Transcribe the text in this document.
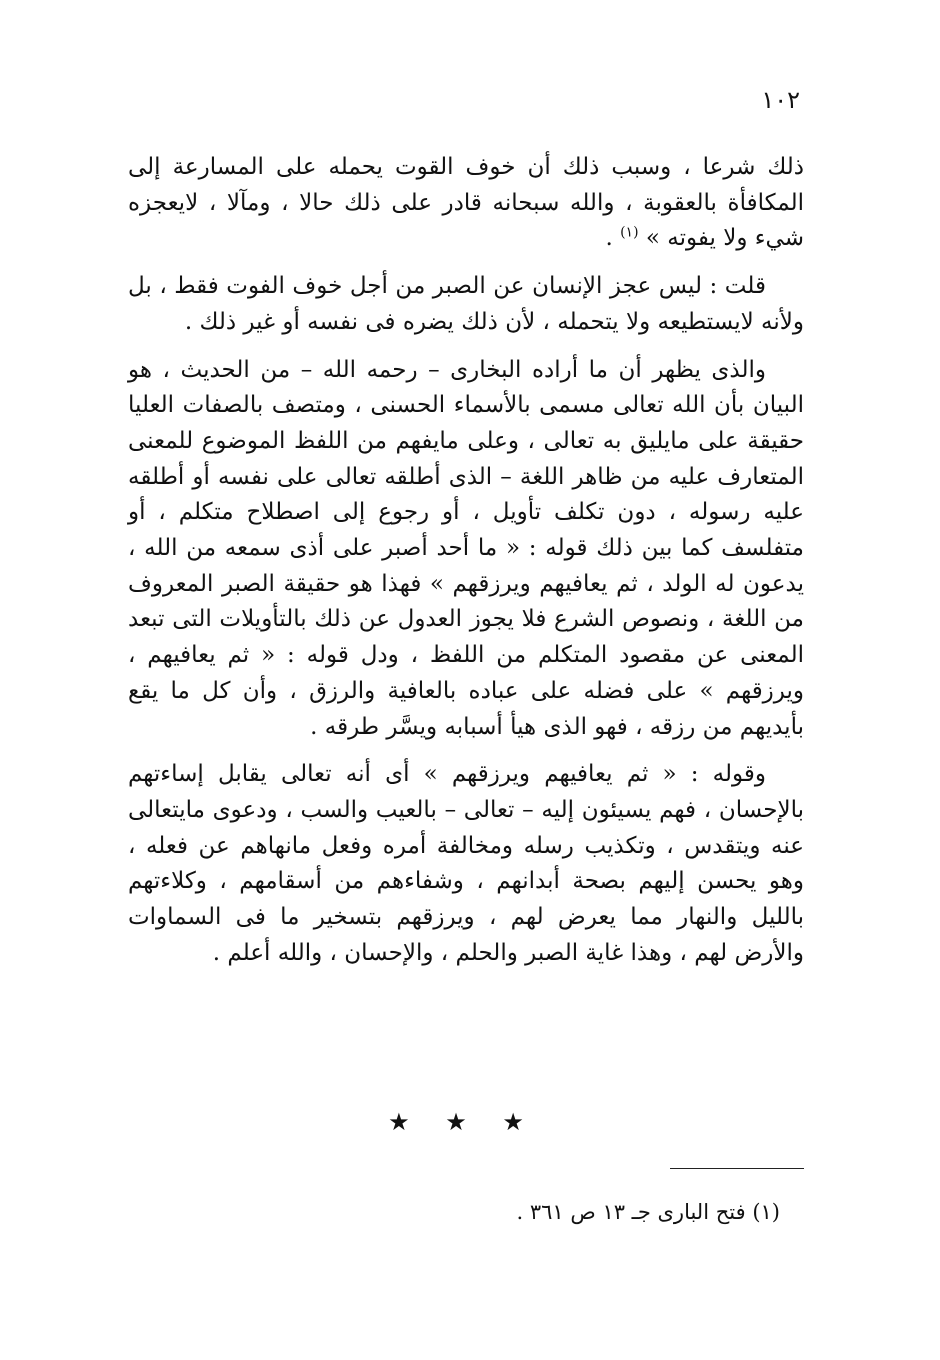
١٠٢

ذلك شرعا ، وسبب ذلك أن خوف القوت يحمله على المسارعة إلى المكافأة بالعقوبة ، والله سبحانه قادر على ذلك حالا ، ومآلا ، لايعجزه شيء ولا يفوته » $^{(١)}$ .

قلت : ليس عجز الإنسان عن الصبر من أجل خوف الفوت فقط ، بل ولأنه لايستطيعه ولا يتحمله ، لأن ذلك يضره فى نفسه أو غير ذلك .

والذى يظهر أن ما أراده البخارى – رحمه الله – من الحديث ، هو البيان بأن الله تعالى مسمى بالأسماء الحسنى ، ومتصف بالصفات العليا حقيقة على مايليق به تعالى ، وعلى مايفهم من اللفظ الموضوع للمعنى المتعارف عليه من ظاهر اللغة – الذى أطلقه تعالى على نفسه أو أطلقه عليه رسوله ، دون تكلف تأويل ، أو رجوع إلى اصطلاح متكلم ، أو متفلسف كما بين ذلك قوله : « ما أحد أصبر على أذى سمعه من الله ، يدعون له الولد ، ثم يعافيهم ويرزقهم » فهذا هو حقيقة الصبر المعروف من اللغة ، ونصوص الشرع فلا يجوز العدول عن ذلك بالتأويلات التى تبعد المعنى عن مقصود المتكلم من اللفظ ، ودل قوله : « ثم يعافيهم ، ويرزقهم » على فضله على عباده بالعافية والرزق ، وأن كل ما يقع بأيديهم من رزقه ، فهو الذى هيأ أسبابه ويسَّر طرقه .

وقوله : « ثم يعافيهم ويرزقهم » أى أنه تعالى يقابل إساءتهم بالإحسان ، فهم يسيئون إليه – تعالى – بالعيب والسب ، ودعوى مايتعالى عنه ويتقدس ، وتكذيب رسله ومخالفة أمره وفعل مانهاهم عن فعله ، وهو يحسن إليهم بصحة أبدانهم ، وشفاءهم من أسقامهم ، وكلاءتهم بالليل والنهار مما يعرض لهم ، ويرزقهم بتسخير ما فى السماوات والأرض لهم ، وهذا غاية الصبر والحلم ، والإحسان ، والله أعلم .

★ ★ ★
(١) فتح البارى جـ ١٣ ص ٣٦١ .
